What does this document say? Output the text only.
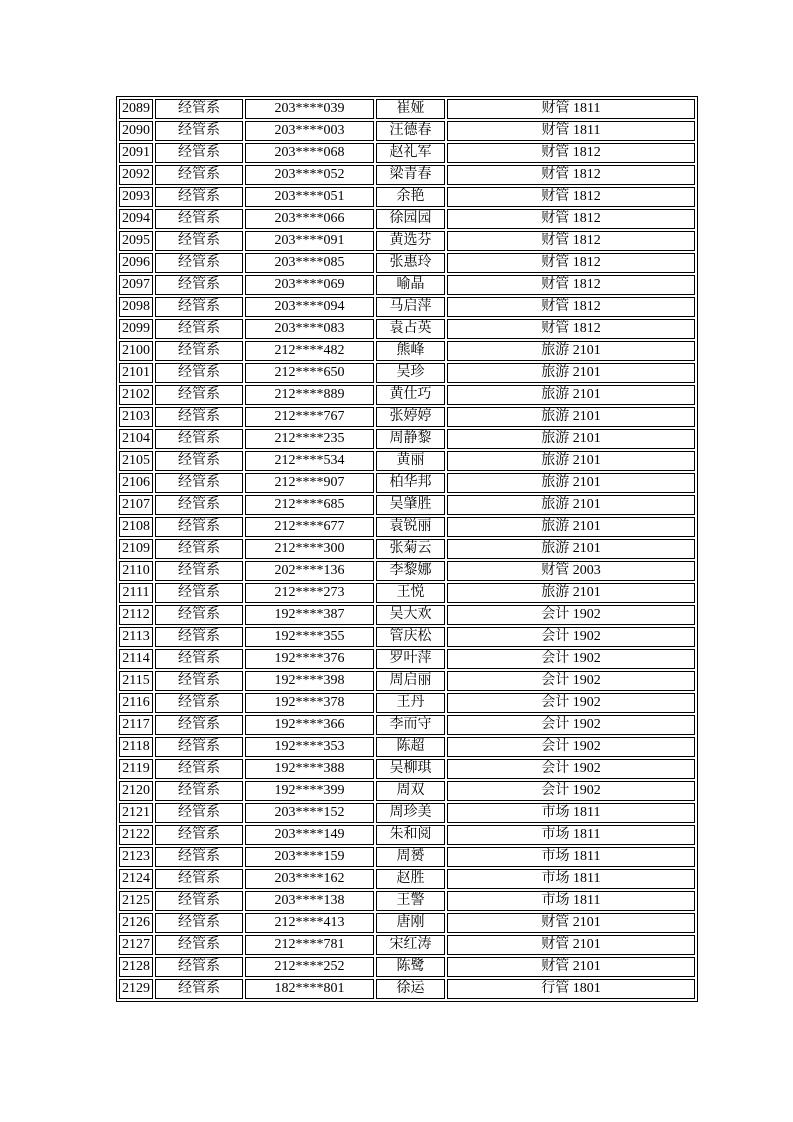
2089	经管系	203****039	崔娅	财管 1811
2090	经管系	203****003	汪德春	财管 1811
2091	经管系	203****068	赵礼军	财管 1812
2092	经管系	203****052	梁青春	财管 1812
2093	经管系	203****051	余艳	财管 1812
2094	经管系	203****066	徐园园	财管 1812
2095	经管系	203****091	黄选芬	财管 1812
2096	经管系	203****085	张惠玲	财管 1812
2097	经管系	203****069	喻晶	财管 1812
2098	经管系	203****094	马启萍	财管 1812
2099	经管系	203****083	袁占英	财管 1812
2100	经管系	212****482	熊峰	旅游 2101
2101	经管系	212****650	吴珍	旅游 2101
2102	经管系	212****889	黄仕巧	旅游 2101
2103	经管系	212****767	张婷婷	旅游 2101
2104	经管系	212****235	周静黎	旅游 2101
2105	经管系	212****534	黄丽	旅游 2101
2106	经管系	212****907	柏华邦	旅游 2101
2107	经管系	212****685	吴肇胜	旅游 2101
2108	经管系	212****677	袁锐丽	旅游 2101
2109	经管系	212****300	张菊云	旅游 2101
2110	经管系	202****136	李黎娜	财管 2003
2111	经管系	212****273	王悦	旅游 2101
2112	经管系	192****387	吴大欢	会计 1902
2113	经管系	192****355	管庆松	会计 1902
2114	经管系	192****376	罗叶萍	会计 1902
2115	经管系	192****398	周启丽	会计 1902
2116	经管系	192****378	王丹	会计 1902
2117	经管系	192****366	李而守	会计 1902
2118	经管系	192****353	陈超	会计 1902
2119	经管系	192****388	吴柳琪	会计 1902
2120	经管系	192****399	周双	会计 1902
2121	经管系	203****152	周珍美	市场 1811
2122	经管系	203****149	朱和阅	市场 1811
2123	经管系	203****159	周赟	市场 1811
2124	经管系	203****162	赵胜	市场 1811
2125	经管系	203****138	王警	市场 1811
2126	经管系	212****413	唐刚	财管 2101
2127	经管系	212****781	宋红涛	财管 2101
2128	经管系	212****252	陈鹭	财管 2101
2129	经管系	182****801	徐运	行管 1801
